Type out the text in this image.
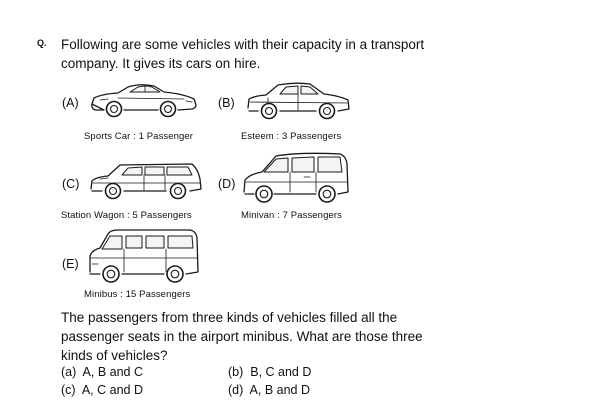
Q. Following are some vehicles with their capacity in a transport company. It gives its cars on hire.
(A)
Sports Car : 1 Passenger
(B)
Esteem : 3 Passengers
(C)
Station Wagon : 5 Passengers
(D)
Minivan : 7 Passengers
(E)
Minibus : 15 Passengers
The passengers from three kinds of vehicles filled all the passenger seats in the airport minibus. What are those three kinds of vehicles?
(a) A, B and C	(b) B, C and D
(c) A, C and D	(d) A, B and D
